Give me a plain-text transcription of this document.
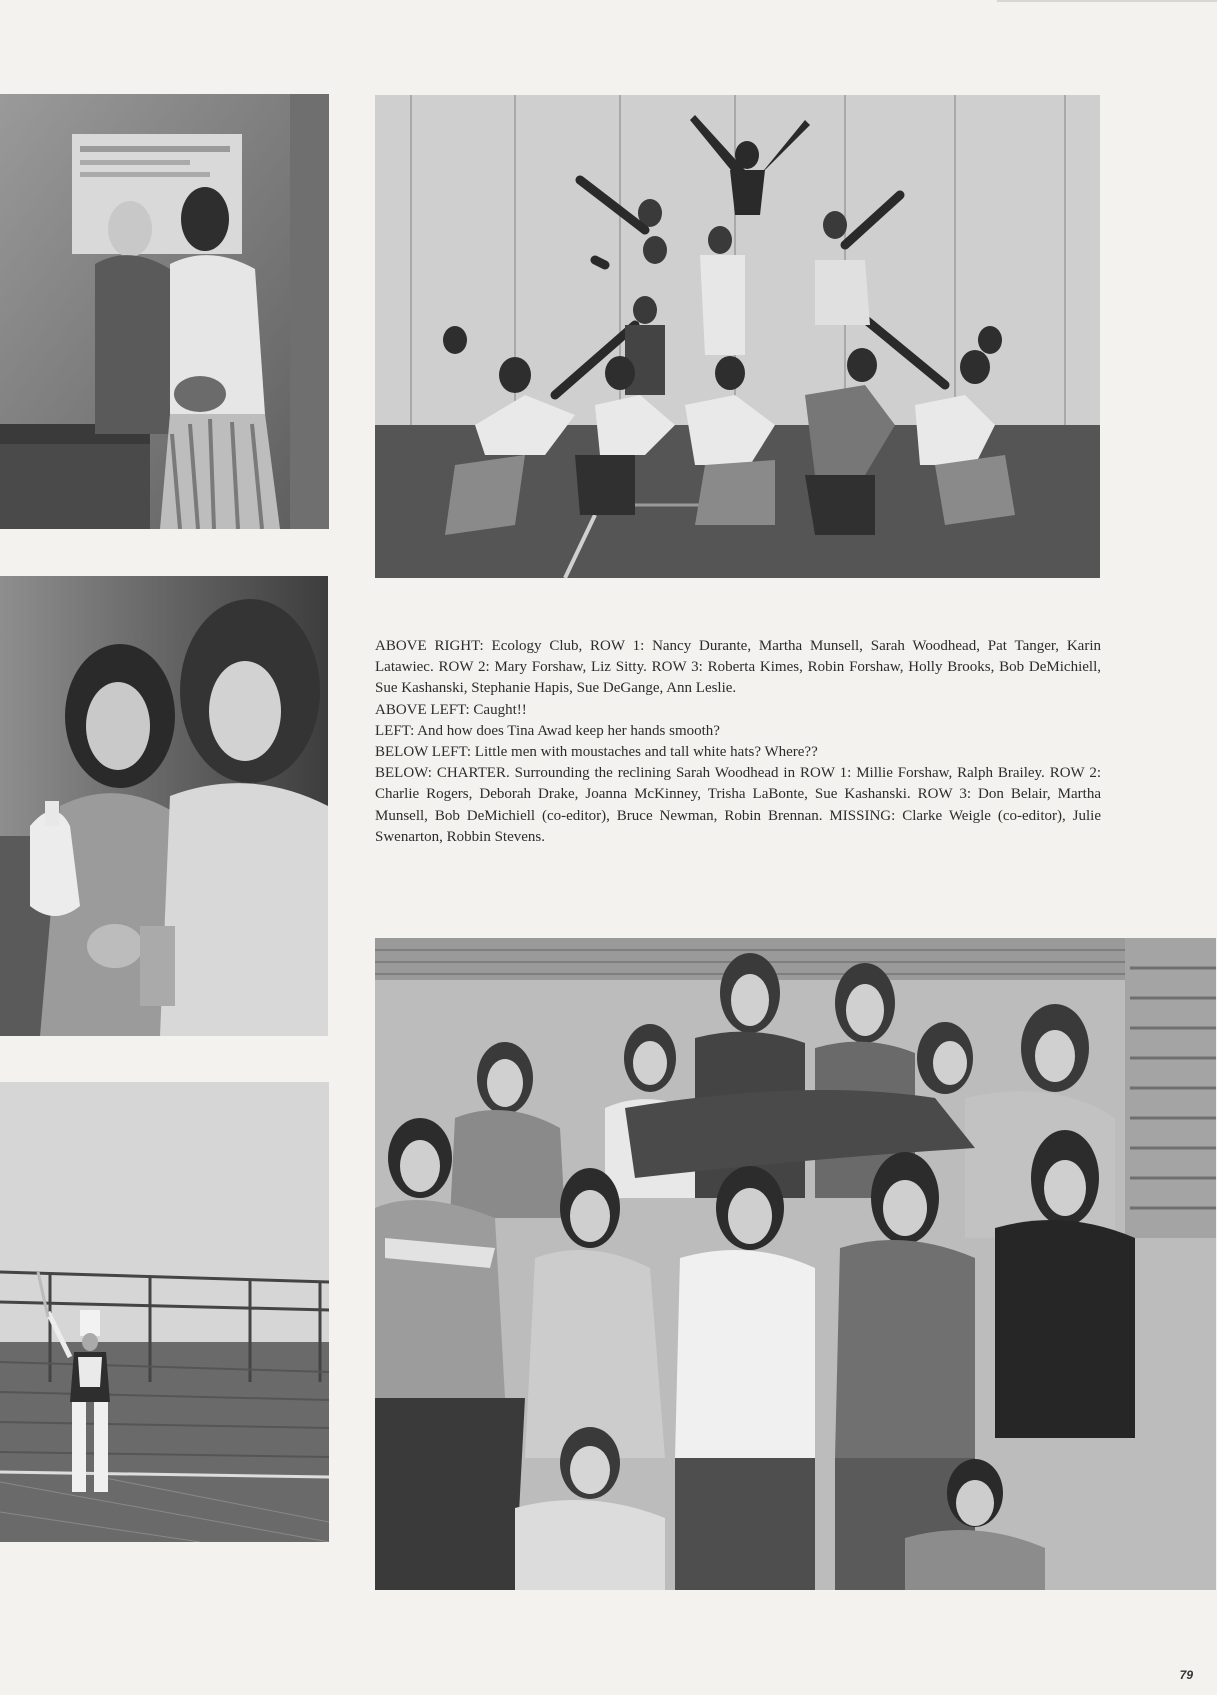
ABOVE RIGHT: Ecology Club, ROW 1: Nancy Durante, Martha Munsell, Sarah Woodhead, Pat Tanger, Karin Latawiec. ROW 2: Mary Forshaw, Liz Sitty. ROW 3: Roberta Kimes, Robin Forshaw, Holly Brooks, Bob DeMichiell, Sue Kashanski, Stephanie Hapis, Sue DeGange, Ann Leslie.

ABOVE LEFT: Caught!!

LEFT: And how does Tina Awad keep her hands smooth?

BELOW LEFT: Little men with moustaches and tall white hats? Where??

BELOW: CHARTER. Surrounding the reclining Sarah Woodhead in ROW 1: Millie Forshaw, Ralph Brailey. ROW 2: Charlie Rogers, Deborah Drake, Joanna McKinney, Trisha LaBonte, Sue Kashanski. ROW 3: Don Belair, Martha Munsell, Bob DeMichiell (co-editor), Bruce Newman, Robin Brennan. MISSING: Clarke Weigle (co-editor), Julie Swenarton, Robbin Stevens.

79
